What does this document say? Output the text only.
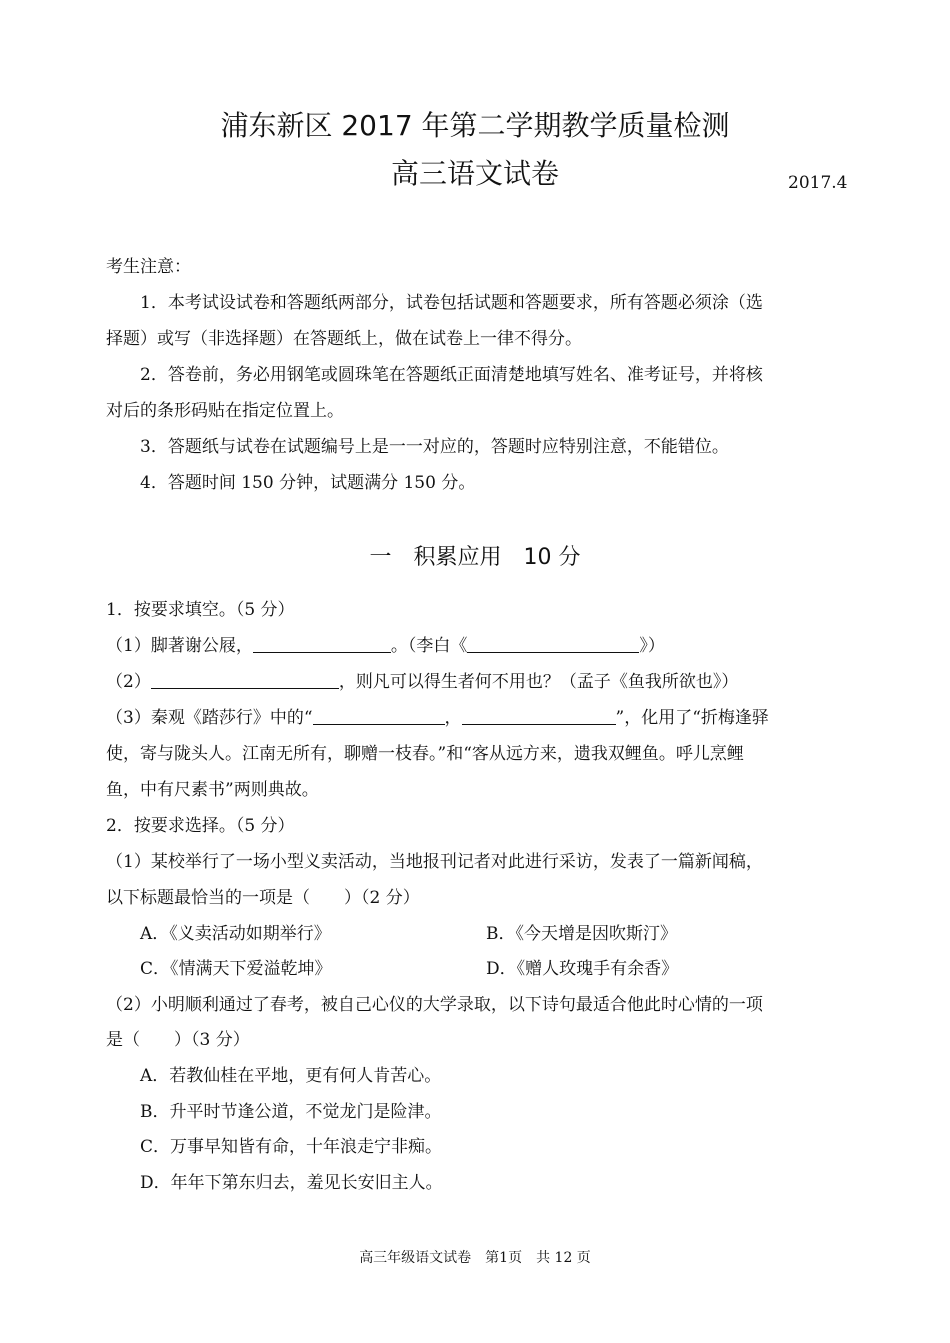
浦东新区 2017 年第二学期教学质量检测
高三语文试卷	2017.4
考生注意：
1．本考试设试卷和答题纸两部分，试卷包括试题和答题要求，所有答题必须涂（选
择题）或写（非选择题）在答题纸上，做在试卷上一律不得分。
2．答卷前，务必用钢笔或圆珠笔在答题纸正面清楚地填写姓名、准考证号，并将核
对后的条形码贴在指定位置上。
3．答题纸与试卷在试题编号上是一一对应的，答题时应特别注意，不能错位。
4．答题时间 150 分钟，试题满分 150 分。
一　积累应用　10 分
1．按要求填空。（5 分）
（1）脚著谢公屐，	。（李白《	》）
（2）	，则凡可以得生者何不用也？（孟子《鱼我所欲也》）
（3）秦观《踏莎行》中的“	，	”，化用了“折梅逢驿
使，寄与陇头人。江南无所有，聊赠一枝春。”和“客从远方来，遗我双鲤鱼。呼儿烹鲤
鱼，中有尺素书”两则典故。
2．按要求选择。（5 分）
（1）某校举行了一场小型义卖活动，当地报刊记者对此进行采访，发表了一篇新闻稿，
以下标题最恰当的一项是（　　）（2 分）
A．《义卖活动如期举行》	B．《今天增是因吹斯汀》
C．《情满天下爱溢乾坤》	D．《赠人玫瑰手有余香》
（2）小明顺利通过了春考，被自己心仪的大学录取，以下诗句最适合他此时心情的一项
是（　　）（3 分）
A．若教仙桂在平地，更有何人肯苦心。
B．升平时节逢公道，不觉龙门是险津。
C．万事早知皆有命，十年浪走宁非痴。
D．年年下第东归去，羞见长安旧主人。
高三年级语文试卷　第1页　共 12 页
